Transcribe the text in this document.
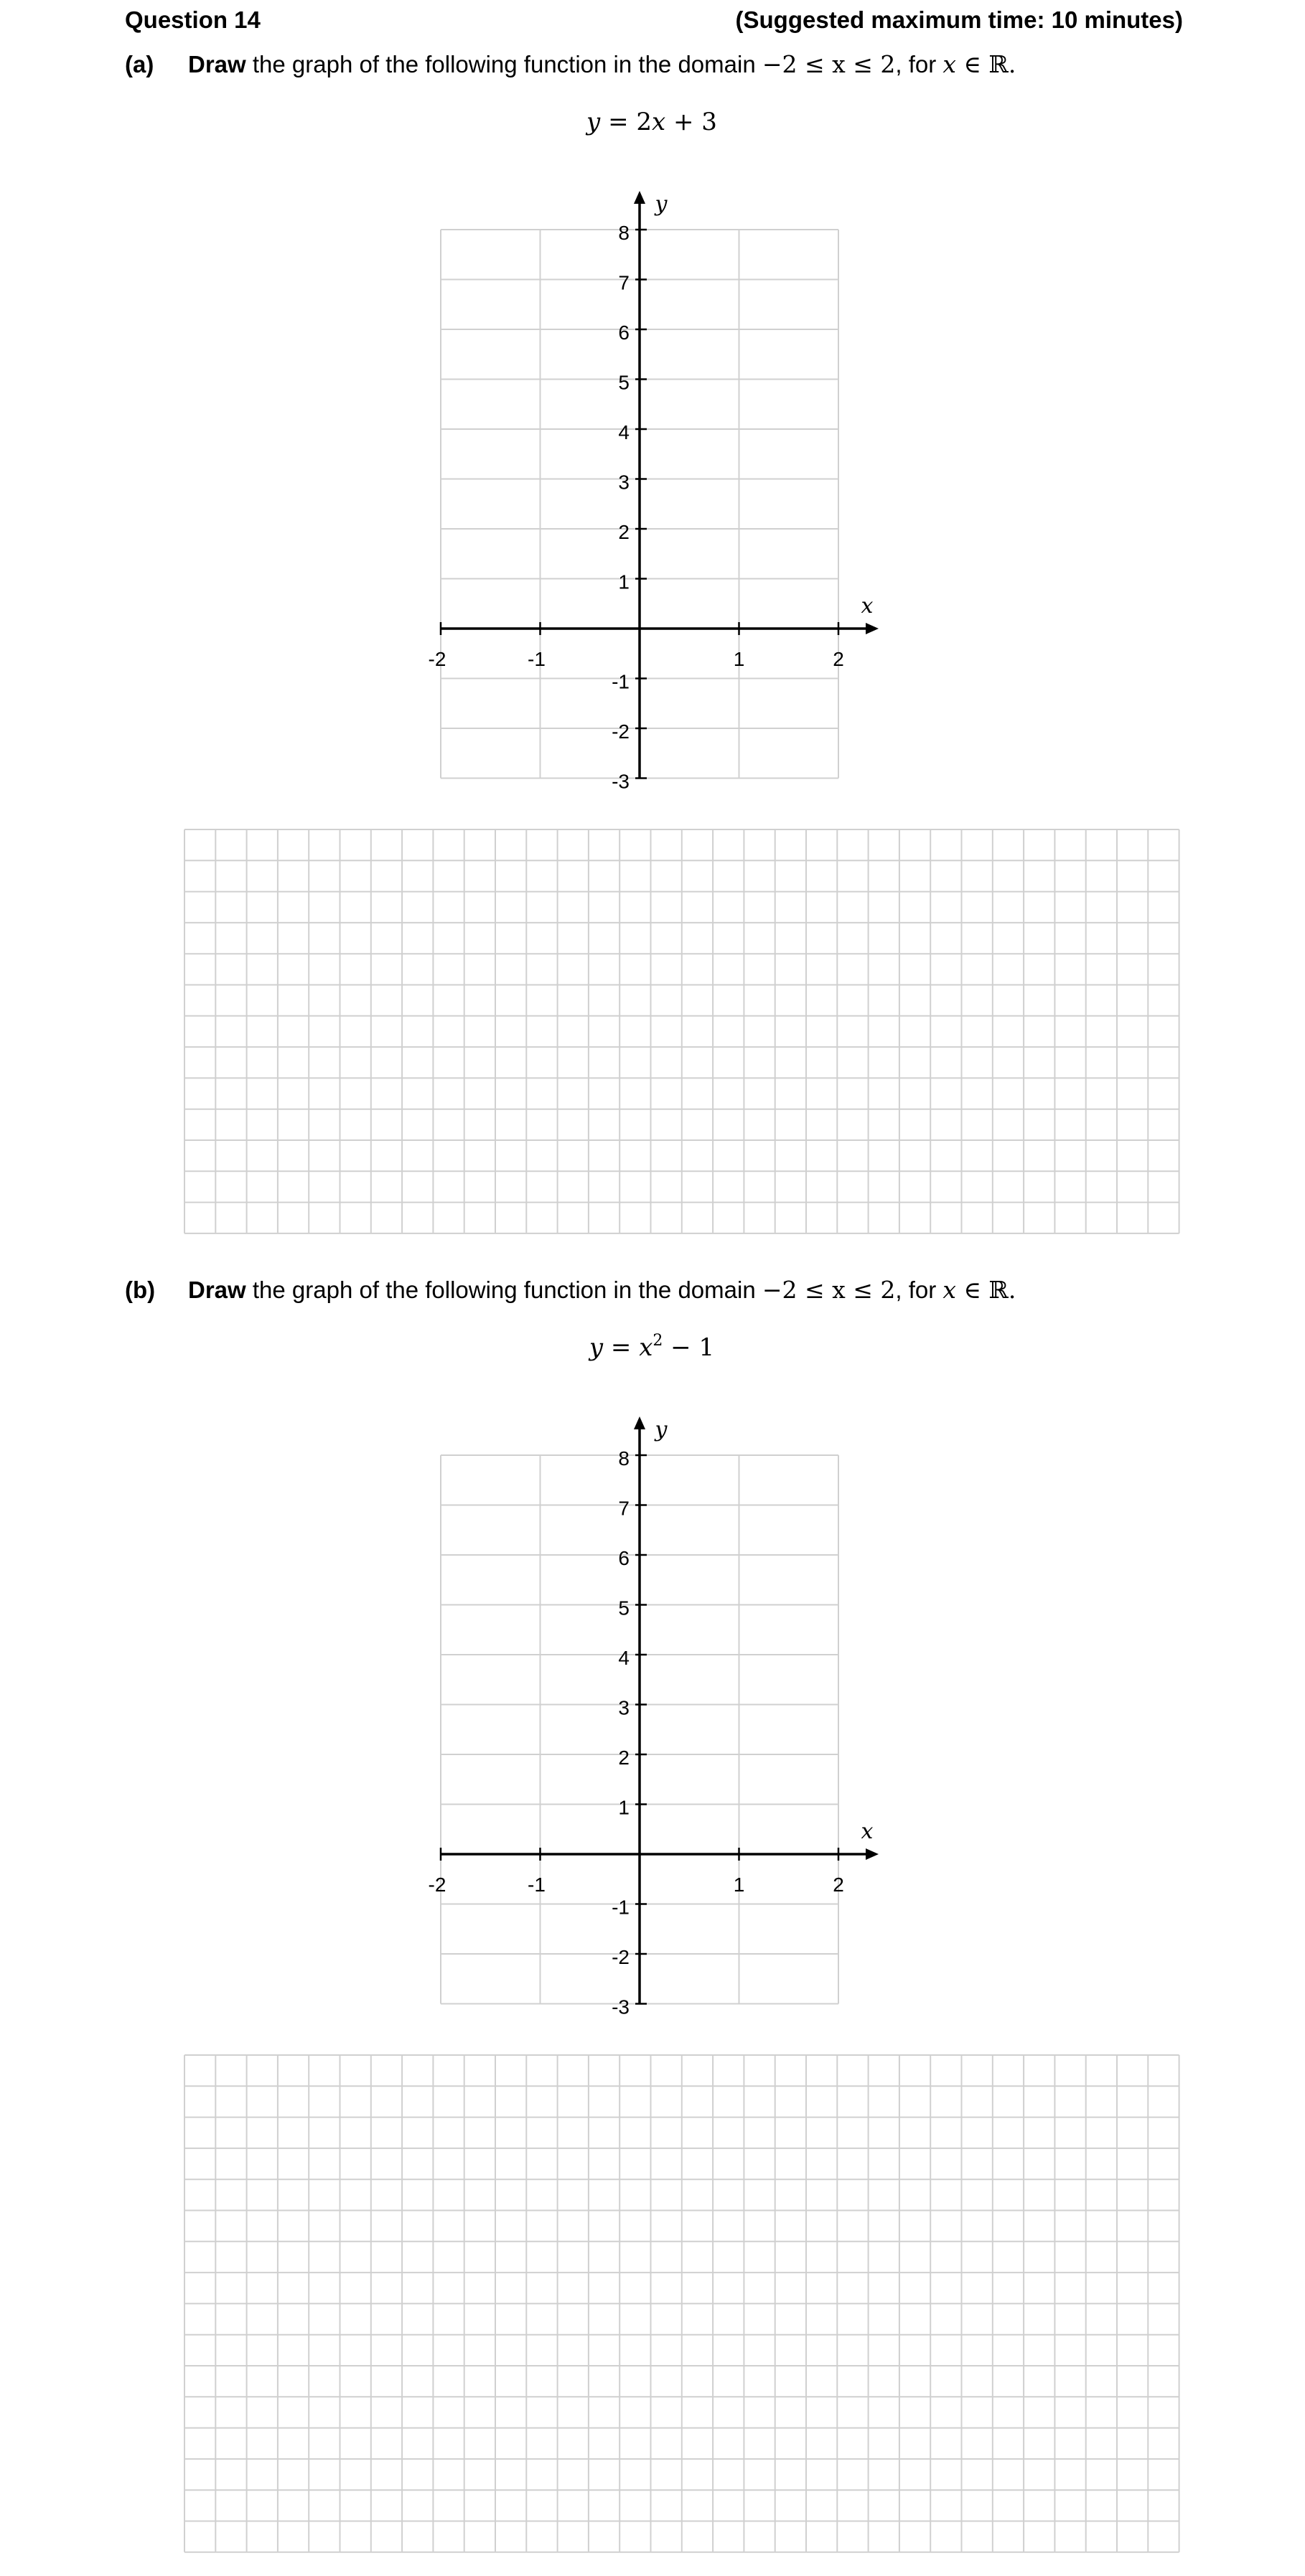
Question 14	(Suggested maximum time: 10 minutes)
(a) Draw the graph of the following function in the domain −2 ≤ x ≤ 2, for x ∈ ℝ.
y = 2x + 3
-2	-1	1	2
8
7
6
5
4
3
2
1
-1
-2
-3
x
y
(b) Draw the graph of the following function in the domain −2 ≤ x ≤ 2, for x ∈ ℝ.
$y = x^2 - 1$
-2	-1	1	2
8
7
6
5
4
3
2
1
-1
-2
-3
x
y
